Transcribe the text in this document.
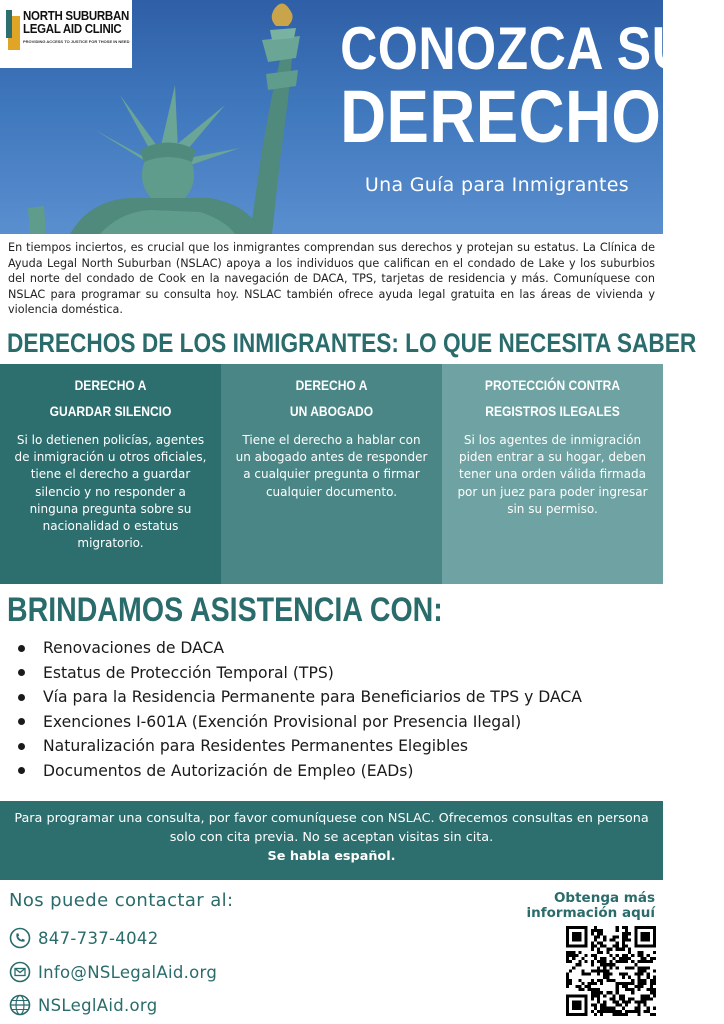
NORTH SUBURBAN
LEGAL AID CLINIC
PROVIDING ACCESS TO JUSTICE FOR THOSE IN NEED	CONOZCA SUS
DERECHOS
Una Guía para Inmigrantes

En tiempos inciertos, es crucial que los inmigrantes comprendan sus derechos y protejan su estatus. La Clínica de Ayuda Legal North Suburban (NSLAC) apoya a los individuos que califican en el condado de Lake y los suburbios del norte del condado de Cook en la navegación de DACA, TPS, tarjetas de residencia y más. Comuníquese con NSLAC para programar su consulta hoy. NSLAC también ofrece ayuda legal gratuita en las áreas de vivienda y violencia doméstica.

DERECHOS DE LOS INMIGRANTES: LO QUE NECESITA SABER
DERECHO A
GUARDAR SILENCIO

Si lo detienen policías, agentes de inmigración u otros oficiales, tiene el derecho a guardar silencio y no responder a ninguna pregunta sobre su nacionalidad o estatus migratorio.

DERECHO A
UN ABOGADO

Tiene el derecho a hablar con un abogado antes de responder a cualquier pregunta o firmar cualquier documento.

PROTECCIÓN CONTRA
REGISTROS ILEGALES

Si los agentes de inmigración piden entrar a su hogar, deben tener una orden válida firmada por un juez para poder ingresar sin su permiso.

BRINDAMOS ASISTENCIA CON:
Renovaciones de DACA
Estatus de Protección Temporal (TPS)
Vía para la Residencia Permanente para Beneficiarios de TPS y DACA
Exenciones I-601A (Exención Provisional por Presencia Ilegal)
Naturalización para Residentes Permanentes Elegibles
Documentos de Autorización de Empleo (EADs)

Para programar una consulta, por favor comuníquese con NSLAC. Ofrecemos consultas en persona solo con cita previa. No se aceptan visitas sin cita.

Se habla español.

Nos puede contactar al:
847-737-4042
Info@NSLegalAid.org
NSLeglAid.org
Obtenga más
información aquí
